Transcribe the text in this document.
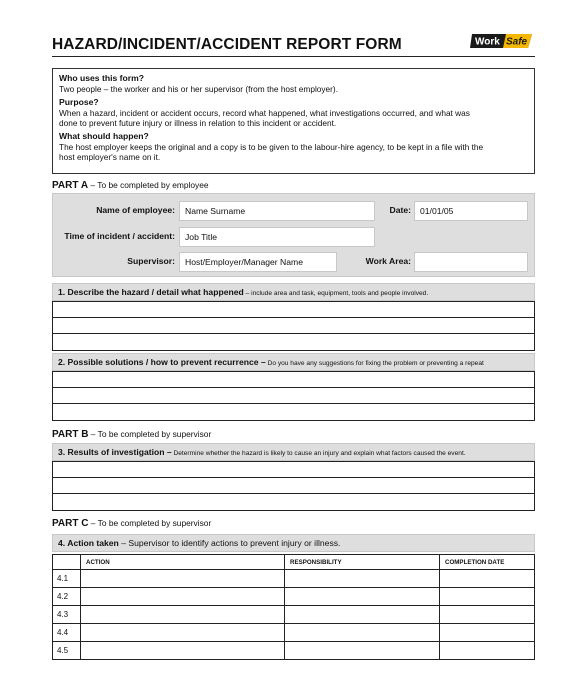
HAZARD/INCIDENT/ACCIDENT REPORT FORM	Work Safe
Who uses this form?
Two people – the worker and his or her supervisor (from the host employer).
Purpose?
When a hazard, incident or accident occurs, record what happened, what investigations occurred, and what was
done to prevent future injury or illness in relation to this incident or accident.
What should happen?
The host employer keeps the original and a copy is to be given to the labour-hire agency, to be kept in a file with the
host employer's name on it.
PART A – To be completed by employee
Name of employee:	Name Surname	Date:	01/01/05
Time of incident / accident:	Job Title
Supervisor:	Host/Employer/Manager Name	Work Area:
1. Describe the hazard / detail what happened – include area and task, equipment, tools and people involved.
2. Possible solutions / how to prevent recurrence – Do you have any suggestions for fixing the problem or preventing a repeat
PART B – To be completed by supervisor
3. Results of investigation – Determine whether the hazard is likely to cause an injury and explain what factors caused the event.
PART C – To be completed by supervisor
4. Action taken – Supervisor to identify actions to prevent injury or illness.
	ACTION	RESPONSIBILITY	COMPLETION DATE
4.1			
4.2			
4.3			
4.4			
4.5			
